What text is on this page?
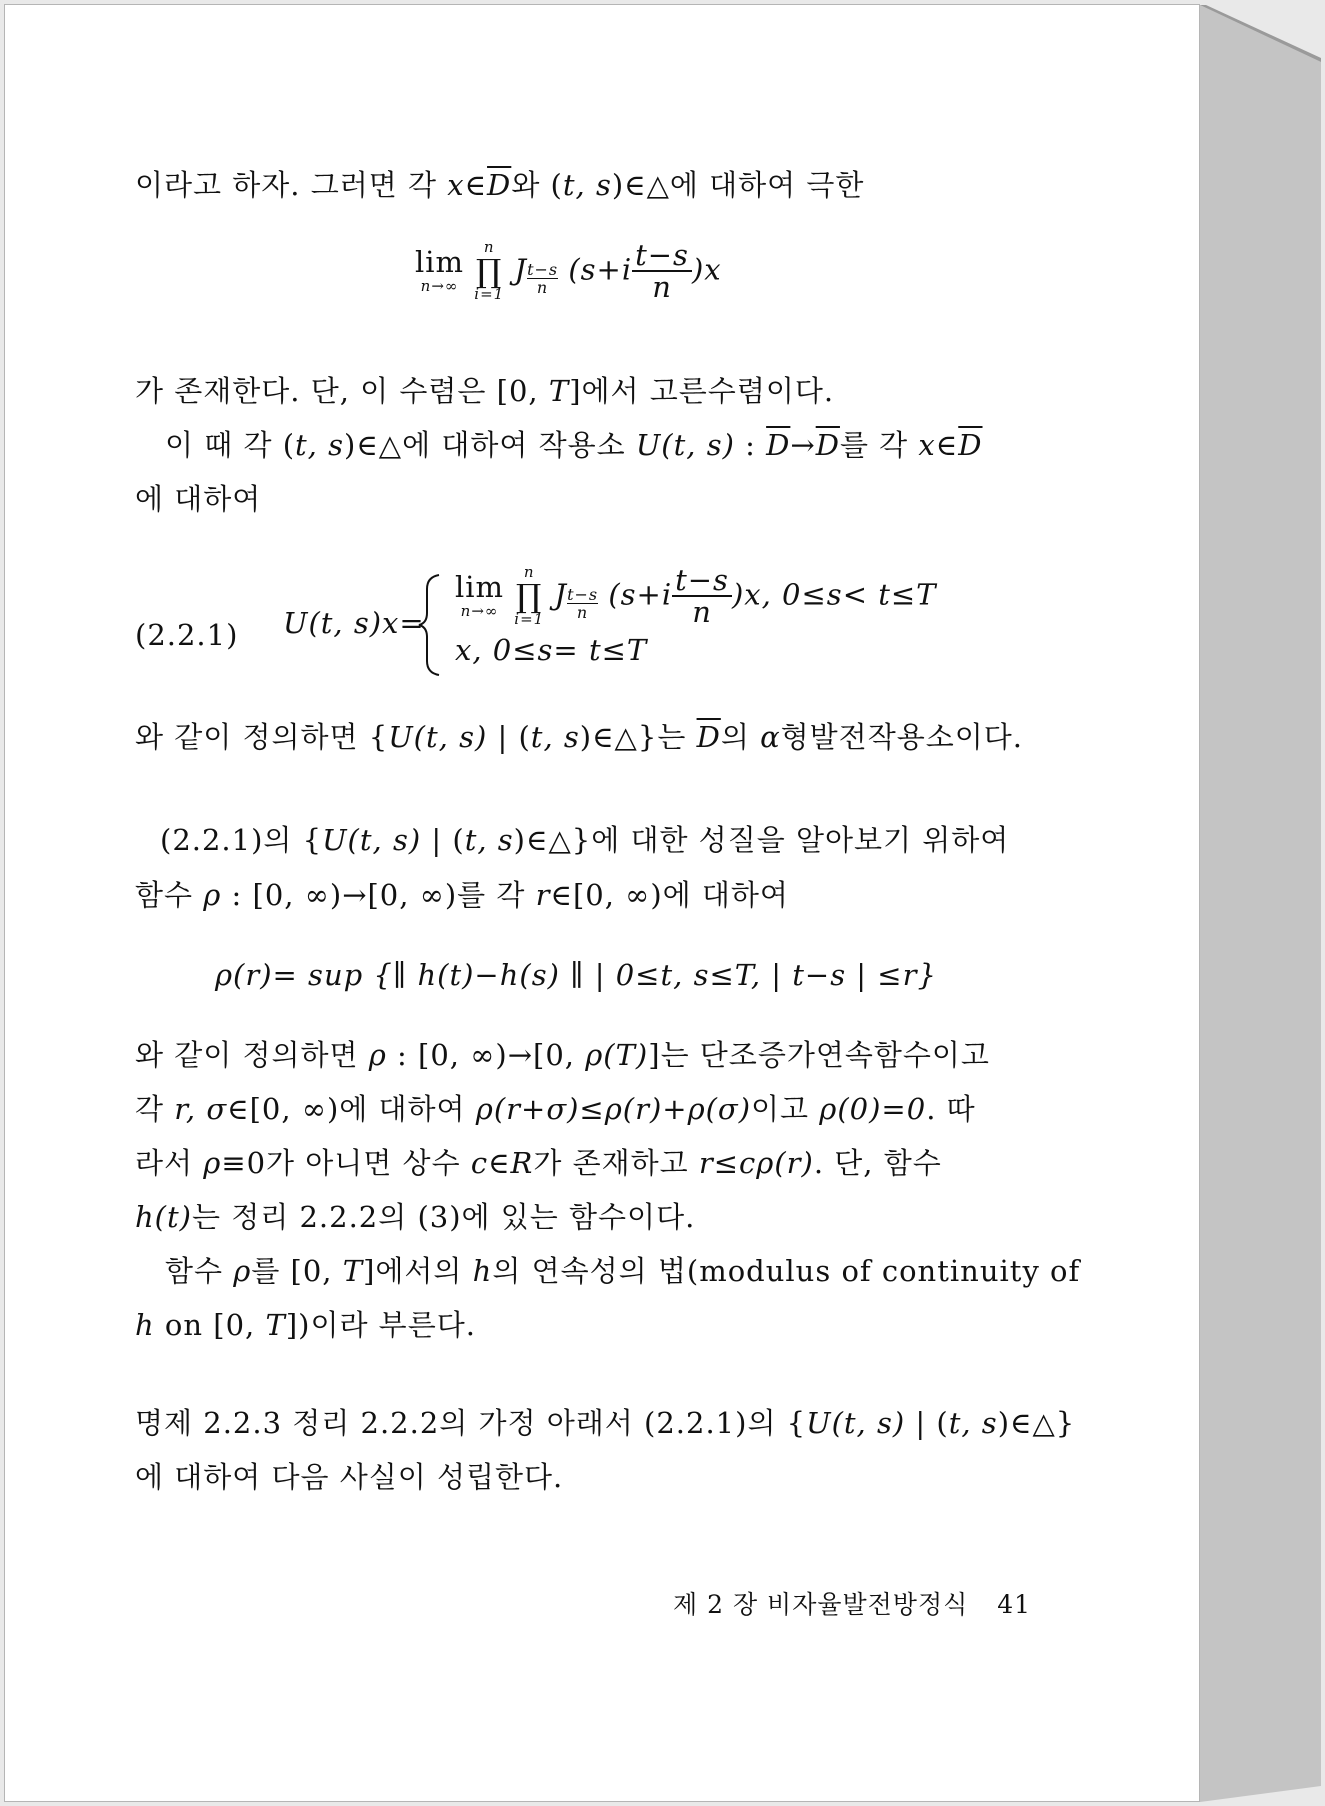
이라고 하자. 그러면 각 $x\in\overline{D}$와 (t, s)∈△에 대하여 극한
lim
n→∞

n
∏
i=1
J $\frac{t-s}{n} (s+i \frac{t-s}{n} )x$
가 존재한다. 단, 이 수렴은 [0, T]에서 고른수렴이다.
이 때 각 (t, s)∈△에 대하여 작용소 U(t, s) : $\overline{D}\to\overline{D}$를 각 $x\in\overline{D}$
에 대하여
(2.2.1) U(t, s)x=
lim
n→∞

n
∏
i=1
J $\frac{t-s}{n} (s+i \frac{t-s}{n} )x$, 0≤s< t≤T
x, 0≤s= t≤T
와 같이 정의하면 {U(t, s) | (t, s)∈△}는 $\overline{D}$의 α형발전작용소이다.
(2.2.1)의 {U(t, s) | (t, s)∈△}에 대한 성질을 알아보기 위하여
함수 ρ : [0, ∞)→[0, ∞)를 각 r∈[0, ∞)에 대하여
ρ(r)= sup {∥ h(t)−h(s) ∥ | 0≤t, s≤T, | t−s | ≤r}
와 같이 정의하면 ρ : [0, ∞)→[0, ρ(T)]는 단조증가연속함수이고
각 r, σ∈[0, ∞)에 대하여 ρ(r+σ)≤ρ(r)+ρ(σ)이고 ρ(0)=0. 따
라서 ρ≡0가 아니면 상수 c∈R가 존재하고 r≤cρ(r). 단, 함수
h(t)는 정리 2.2.2의 (3)에 있는 함수이다.
함수 ρ를 [0, T]에서의 h의 연속성의 법(modulus of continuity of
h on [0, T])이라 부른다.
명제 2.2.3 정리 2.2.2의 가정 아래서 (2.2.1)의 {U(t, s) | (t, s)∈△}
에 대하여 다음 사실이 성립한다.
제 2 장 비자율발전방정식 41
